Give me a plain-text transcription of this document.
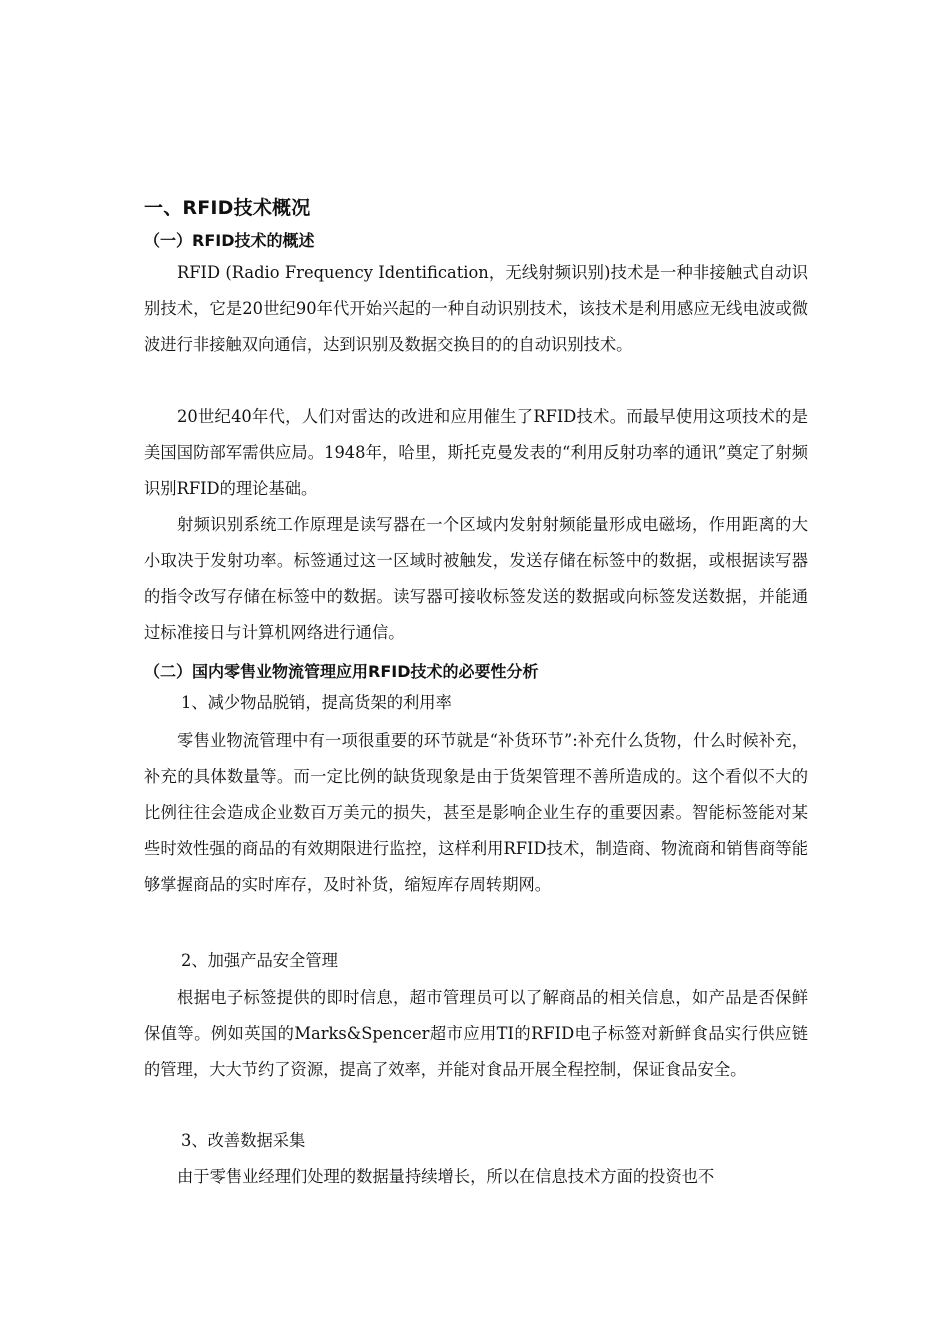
一、RFID技术概况
（一）RFID技术的概述

RFID (Radio Frequency Identification，无线射频识别)技术是一种非接触式自动识别技术，它是20世纪90年代开始兴起的一种自动识别技术，该技术是利用感应无线电波或微波进行非接触双向通信，达到识别及数据交换目的的自动识别技术。

20世纪40年代，人们对雷达的改进和应用催生了RFID技术。而最早使用这项技术的是美国国防部军需供应局。1948年，哈里，斯托克曼发表的“利用反射功率的通讯”奠定了射频识别RFID的理论基础。

射频识别系统工作原理是读写器在一个区域内发射射频能量形成电磁场，作用距离的大小取决于发射功率。标签通过这一区域时被触发，发送存储在标签中的数据，或根据读写器的指令改写存储在标签中的数据。读写器可接收标签发送的数据或向标签发送数据，并能通过标准接日与计算机网络进行通信。

（二）国内零售业物流管理应用RFID技术的必要性分析
1、减少物品脱销，提高货架的利用率

零售业物流管理中有一项很重要的环节就是“补货环节”:补充什么货物，什么时候补充，补充的具体数量等。而一定比例的缺货现象是由于货架管理不善所造成的。这个看似不大的比例往往会造成企业数百万美元的损失，甚至是影响企业生存的重要因素。智能标签能对某些时效性强的商品的有效期限进行监控，这样利用RFID技术，制造商、物流商和销售商等能够掌握商品的实时库存，及时补货，缩短库存周转期网。

2、加强产品安全管理

根据电子标签提供的即时信息，超市管理员可以了解商品的相关信息，如产品是否保鲜保值等。例如英国的Marks&Spencer超市应用TI的RFID电子标签对新鲜食品实行供应链的管理，大大节约了资源，提高了效率，并能对食品开展全程控制，保证食品安全。

3、改善数据采集

由于零售业经理们处理的数据量持续增长，所以在信息技术方面的投资也不
